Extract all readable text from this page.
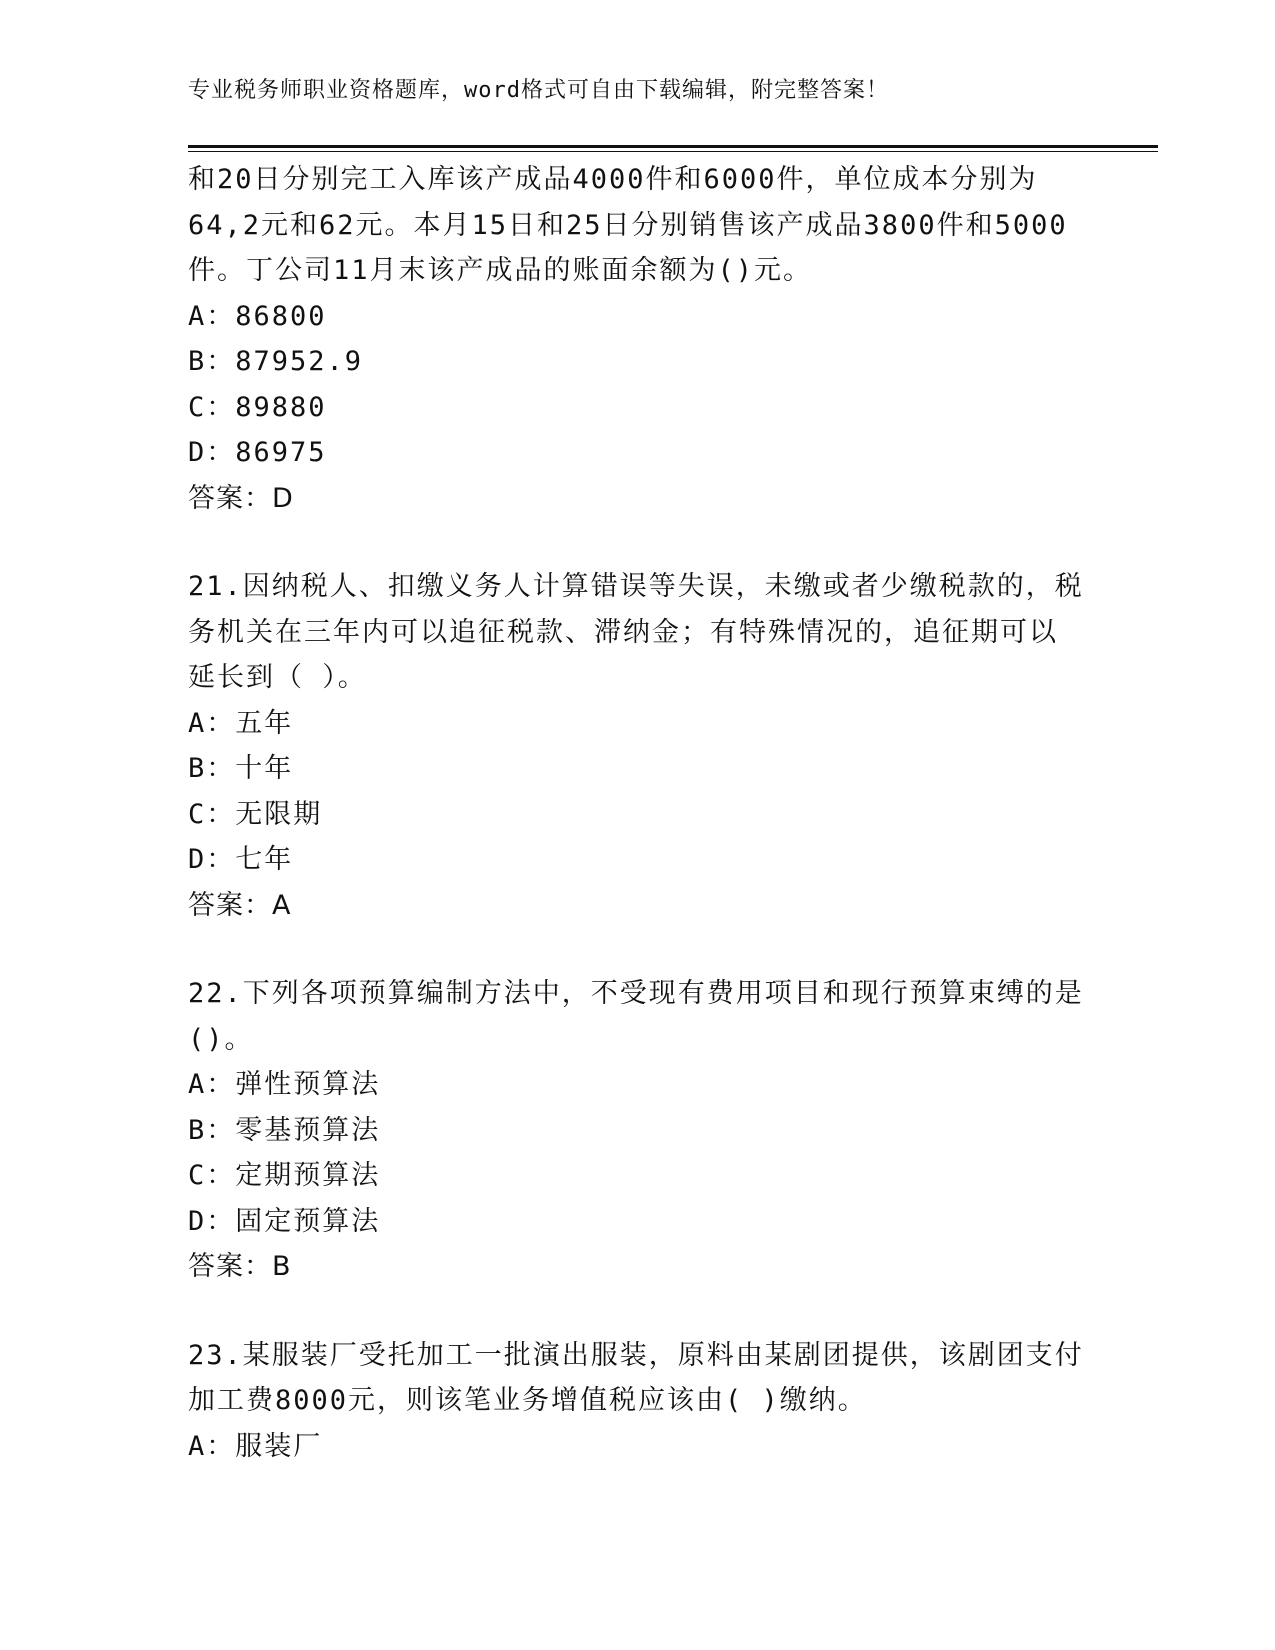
专业税务师职业资格题库，word格式可自由下载编辑，附完整答案！
和20日分别完工入库该产成品4000件和6000件，单位成本分别为
64,2元和62元。本月15日和25日分别销售该产成品3800件和5000
件。丁公司11月末该产成品的账面余额为()元。
A：86800
B：87952.9
C：89880
D：86975
答案：D
21.因纳税人、扣缴义务人计算错误等失误，未缴或者少缴税款的，税
务机关在三年内可以追征税款、滞纳金；有特殊情况的，追征期可以
延长到（ ）。
A：五年
B：十年
C：无限期
D：七年
答案：A
22.下列各项预算编制方法中，不受现有费用项目和现行预算束缚的是
()。
A：弹性预算法
B：零基预算法
C：定期预算法
D：固定预算法
答案：B
23.某服装厂受托加工一批演出服装，原料由某剧团提供，该剧团支付
加工费8000元，则该笔业务增值税应该由( )缴纳。
A：服装厂
